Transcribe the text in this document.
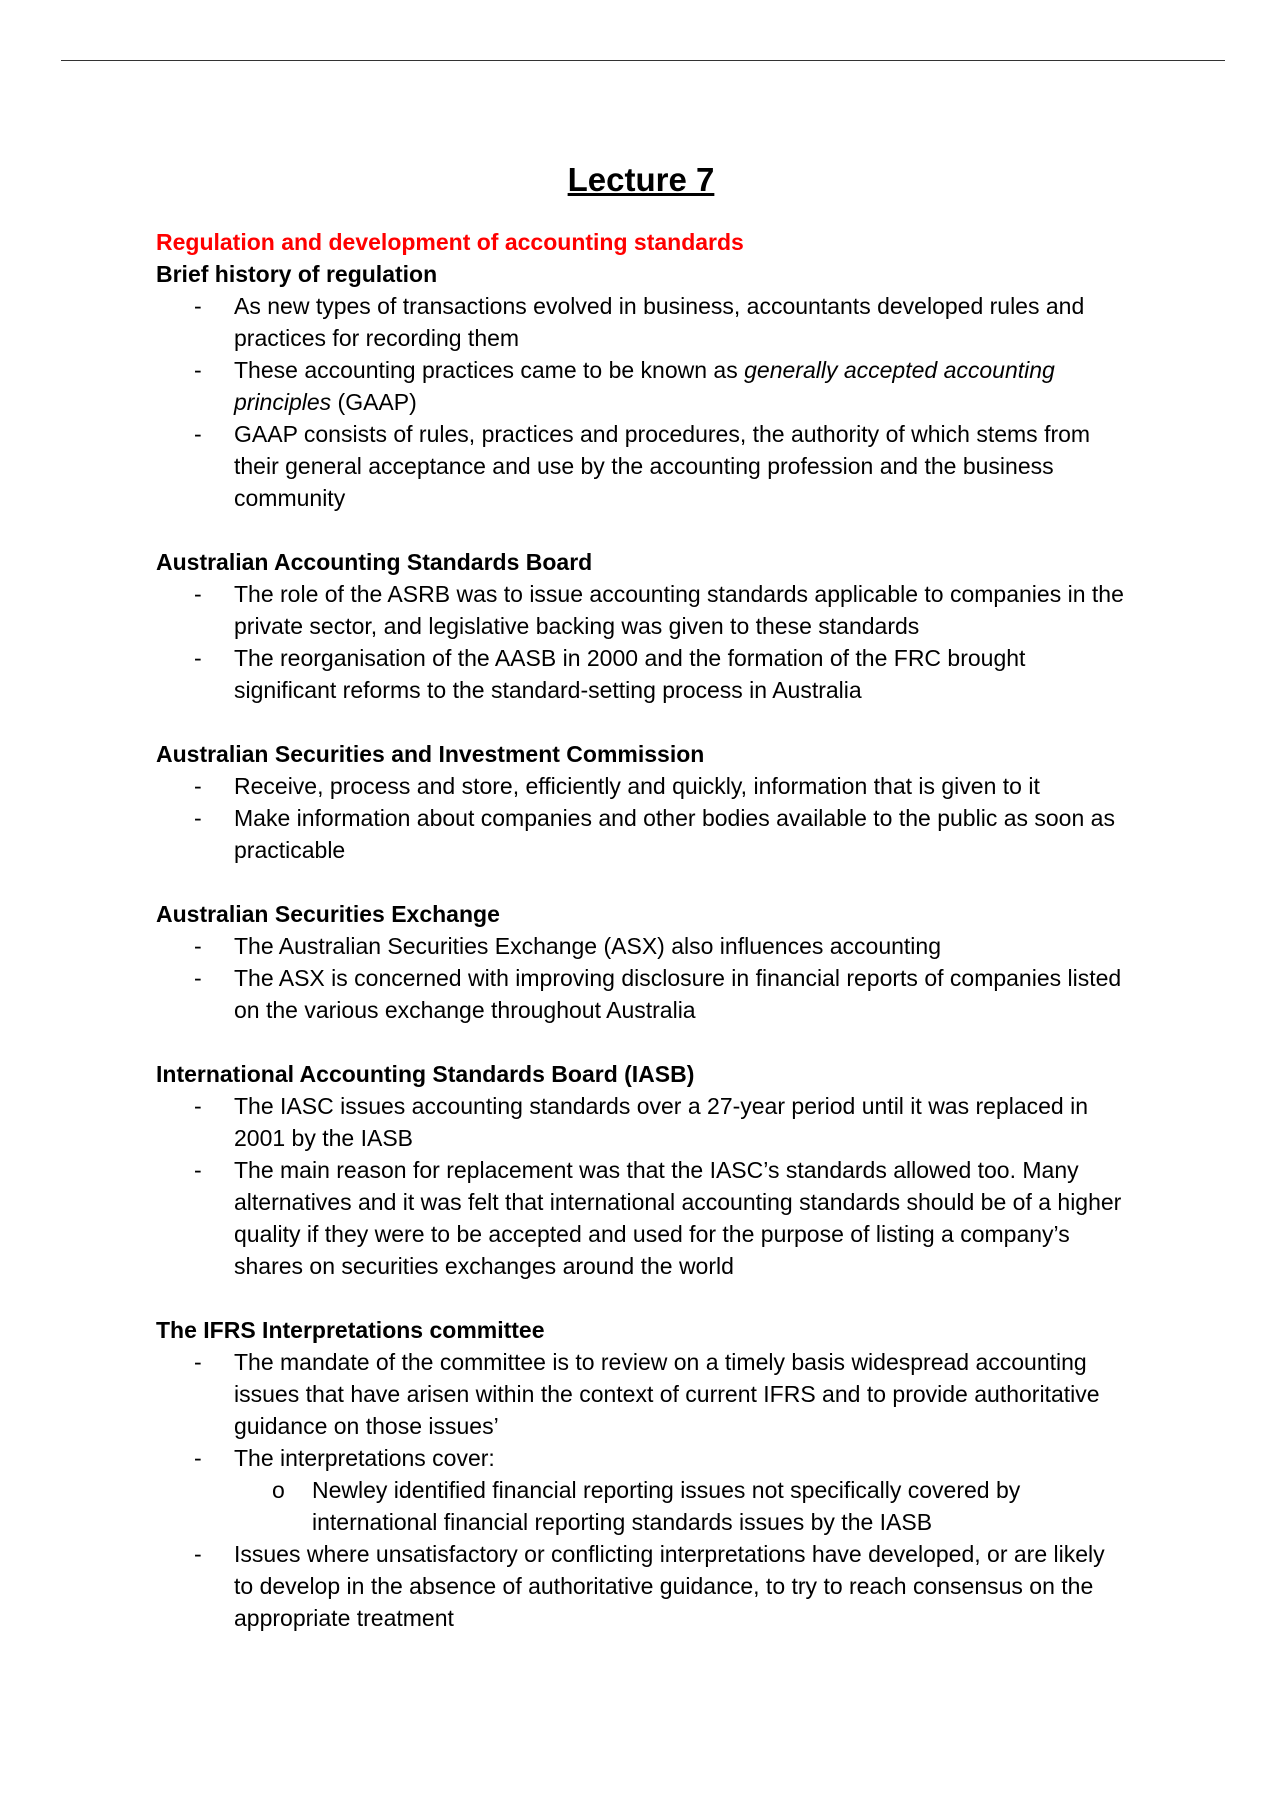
Lecture 7
Regulation and development of accounting standards
Brief history of regulation
- As new types of transactions evolved in business, accountants developed rules and practices for recording them
- These accounting practices came to be known as generally accepted accounting principles (GAAP)
- GAAP consists of rules, practices and procedures, the authority of which stems from their general acceptance and use by the accounting profession and the business community
Australian Accounting Standards Board
- The role of the ASRB was to issue accounting standards applicable to companies in the private sector, and legislative backing was given to these standards
- The reorganisation of the AASB in 2000 and the formation of the FRC brought significant reforms to the standard-setting process in Australia
Australian Securities and Investment Commission
- Receive, process and store, efficiently and quickly, information that is given to it
- Make information about companies and other bodies available to the public as soon as practicable
Australian Securities Exchange
- The Australian Securities Exchange (ASX) also influences accounting
- The ASX is concerned with improving disclosure in financial reports of companies listed on the various exchange throughout Australia
International Accounting Standards Board (IASB)
- The IASC issues accounting standards over a 27-year period until it was replaced in 2001 by the IASB
- The main reason for replacement was that the IASC’s standards allowed too. Many alternatives and it was felt that international accounting standards should be of a higher quality if they were to be accepted and used for the purpose of listing a company’s shares on securities exchanges around the world
The IFRS Interpretations committee
- The mandate of the committee is to review on a timely basis widespread accounting issues that have arisen within the context of current IFRS and to provide authoritative guidance on those issues’
- The interpretations cover:
o Newley identified financial reporting issues not specifically covered by international financial reporting standards issues by the IASB
- Issues where unsatisfactory or conflicting interpretations have developed, or are likely to develop in the absence of authoritative guidance, to try to reach consensus on the appropriate treatment
